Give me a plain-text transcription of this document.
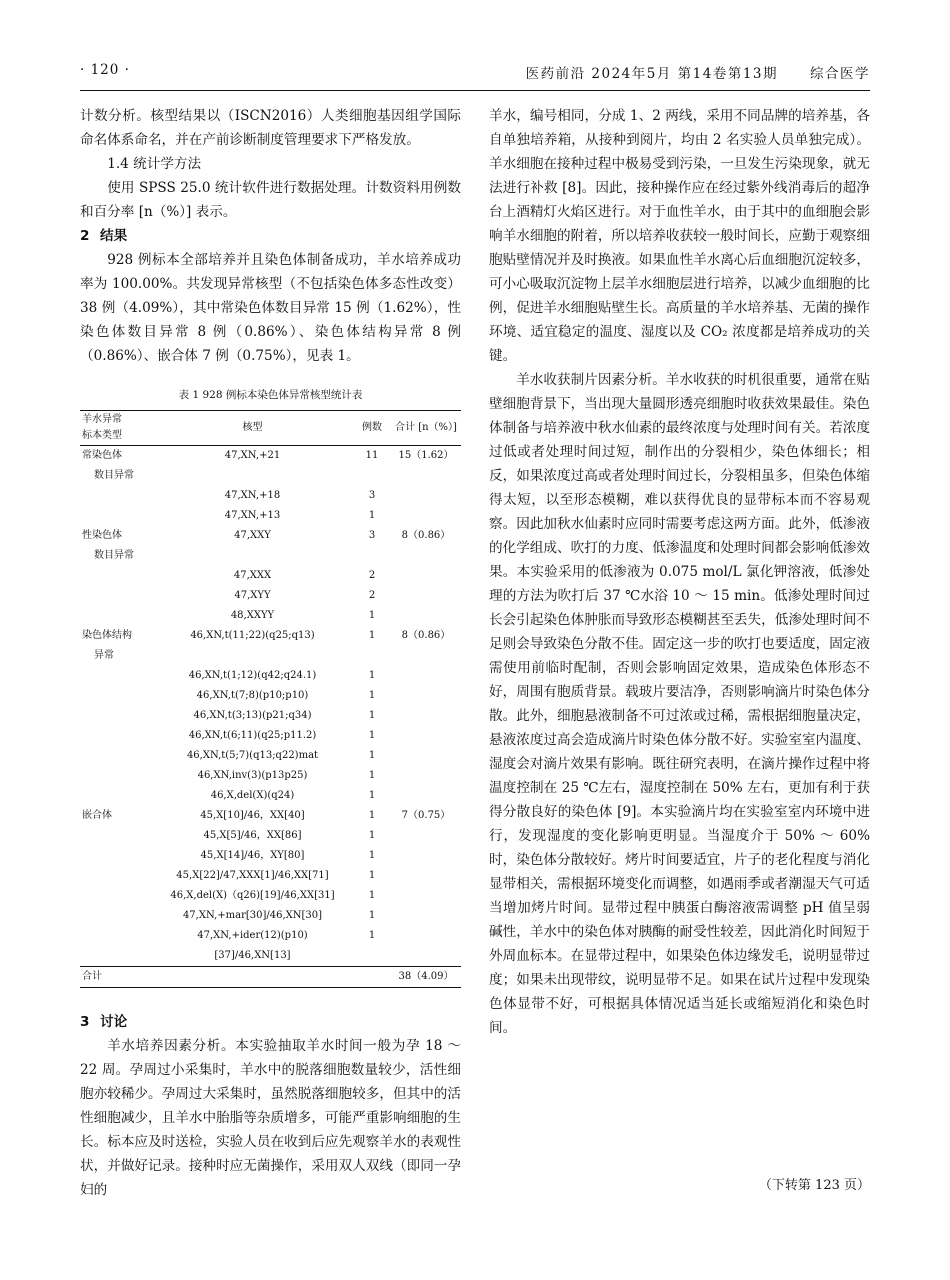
· 120 ·	医药前沿 2024年5月 第14卷第13期 综合医学

计数分析。核型结果以（ISCN2016）人类细胞基因组学国际命名体系命名，并在产前诊断制度管理要求下严格发放。

1.4 统计学方法

使用 SPSS 25.0 统计软件进行数据处理。计数资料用例数和百分率 [n（%）] 表示。

2 结果

928 例标本全部培养并且染色体制备成功，羊水培养成功率为 100.00%。共发现异常核型（不包括染色体多态性改变）38 例（4.09%），其中常染色体数目异常 15 例（1.62%），性染色体数目异常 8 例（0.86%）、染色体结构异常 8 例（0.86%）、嵌合体 7 例（0.75%），见表 1。

表 1 928 例标本染色体异常核型统计表
羊水异常
标本类型	核型	例数	合计 [n（%）]
常染色体
数目异常	47,XN,+21	11	15（1.62）

	47,XN,+18	3	

	47,XN,+13	1	
性染色体
数目异常	47,XXY	3	8（0.86）

	47,XXX	2	

	47,XYY	2	

	48,XXYY	1	
染色体结构
异常	46,XN,t(11;22)(q25;q13)	1	8（0.86）

	46,XN,t(1;12)(q42;q24.1)	1	

	46,XN,t(7;8)(p10;p10)	1	

	46,XN,t(3;13)(p21;q34)	1	

	46,XN,t(6;11)(q25;p11.2)	1	

	46,XN,t(5;7)(q13;q22)mat	1	

	46,XN,inv(3)(p13p25)	1	

	46,X,del(X)(q24)	1	
嵌合体	45,X[10]/46，XX[40]	1	7（0.75）

	45,X[5]/46，XX[86]	1	

	45,X[14]/46，XY[80]	1	

	45,X[22]/47,XXX[1]/46,XX[71]	1	

	46,X,del(X)（q26)[19]/46,XX[31]	1	

	47,XN,+mar[30]/46,XN[30]	1	

	47,XN,+ider(12)(p10)
[37]/46,XN[13]	1	
合计			38（4.09）
3 讨论

羊水培养因素分析。本实验抽取羊水时间一般为孕 18 ～ 22 周。孕周过小采集时，羊水中的脱落细胞数量较少，活性细胞亦较稀少。孕周过大采集时，虽然脱落细胞较多，但其中的活性细胞减少，且羊水中胎脂等杂质增多，可能严重影响细胞的生长。标本应及时送检，实验人员在收到后应先观察羊水的表观性状，并做好记录。接种时应无菌操作，采用双人双线（即同一孕妇的

羊水，编号相同，分成 1、2 两线，采用不同品牌的培养基，各自单独培养箱，从接种到阅片，均由 2 名实验人员单独完成）。羊水细胞在接种过程中极易受到污染，一旦发生污染现象，就无法进行补救 [8]。因此，接种操作应在经过紫外线消毒后的超净台上酒精灯火焰区进行。对于血性羊水，由于其中的血细胞会影响羊水细胞的附着，所以培养收获较一般时间长，应勤于观察细胞贴壁情况并及时换液。如果血性羊水离心后血细胞沉淀较多，可小心吸取沉淀物上层羊水细胞层进行培养，以减少血细胞的比例，促进羊水细胞贴壁生长。高质量的羊水培养基、无菌的操作环境、适宜稳定的温度、湿度以及 CO₂ 浓度都是培养成功的关键。

羊水收获制片因素分析。羊水收获的时机很重要，通常在贴壁细胞背景下，当出现大量圆形透亮细胞时收获效果最佳。染色体制备与培养液中秋水仙素的最终浓度与处理时间有关。若浓度过低或者处理时间过短，制作出的分裂相少，染色体细长；相反，如果浓度过高或者处理时间过长，分裂相虽多，但染色体缩得太短，以至形态模糊，难以获得优良的显带标本而不容易观察。因此加秋水仙素时应同时需要考虑这两方面。此外，低渗液的化学组成、吹打的力度、低渗温度和处理时间都会影响低渗效果。本实验采用的低渗液为 0.075 mol/L 氯化钾溶液，低渗处理的方法为吹打后 37 ℃水浴 10 ～ 15 min。低渗处理时间过长会引起染色体肿胀而导致形态模糊甚至丢失，低渗处理时间不足则会导致染色分散不佳。固定这一步的吹打也要适度，固定液需使用前临时配制，否则会影响固定效果，造成染色体形态不好，周围有胞质背景。载玻片要洁净，否则影响滴片时染色体分散。此外，细胞悬液制备不可过浓或过稀，需根据细胞量决定，悬液浓度过高会造成滴片时染色体分散不好。实验室室内温度、湿度会对滴片效果有影响。既往研究表明，在滴片操作过程中将温度控制在 25 ℃左右，湿度控制在 50% 左右，更加有利于获得分散良好的染色体 [9]。本实验滴片均在实验室室内环境中进行，发现湿度的变化影响更明显。当湿度介于 50% ～ 60% 时，染色体分散较好。烤片时间要适宜，片子的老化程度与消化显带相关，需根据环境变化而调整，如遇雨季或者潮湿天气可适当增加烤片时间。显带过程中胰蛋白酶溶液需调整 pH 值呈弱碱性，羊水中的染色体对胰酶的耐受性较差，因此消化时间短于外周血标本。在显带过程中，如果染色体边缘发毛，说明显带过度；如果未出现带纹，说明显带不足。如果在试片过程中发现染色体显带不好，可根据具体情况适当延长或缩短消化和染色时间。

（下转第 123 页）
